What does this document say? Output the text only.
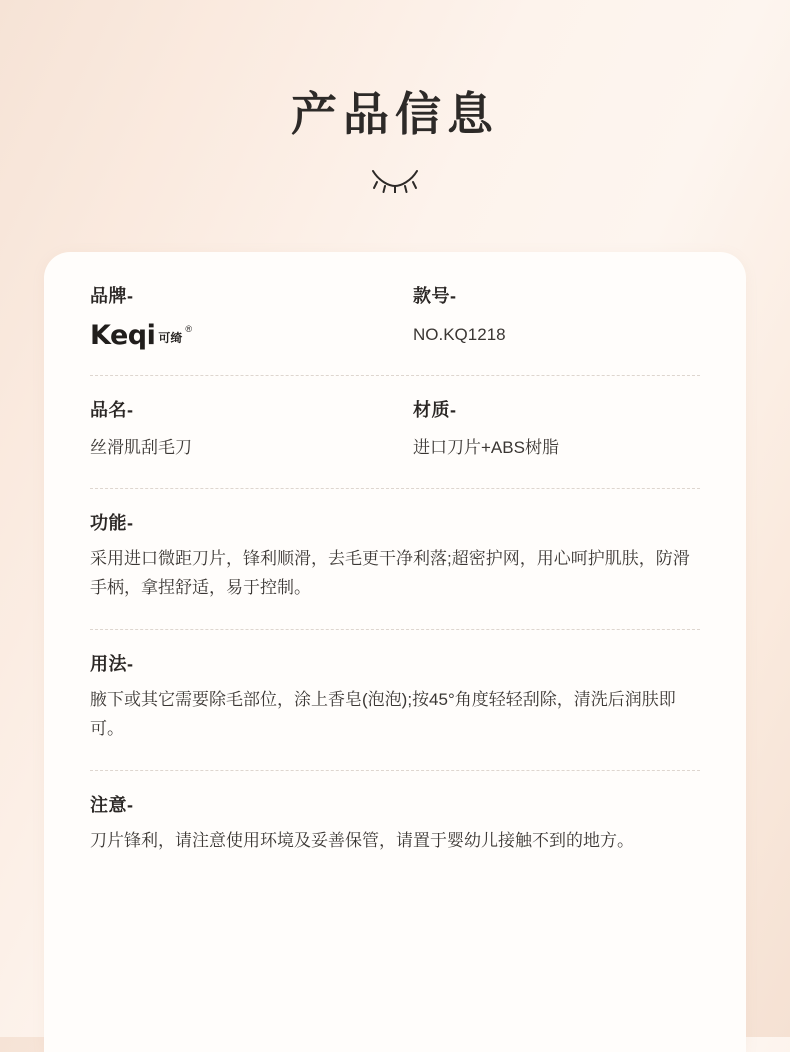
产品信息

品牌-

Keqi 可绮
®

款号-

NO.KQ1218

品名-

丝滑肌刮毛刀

材质-

进口刀片+ABS树脂

功能-

采用进口微距刀片，锋利顺滑，去毛更干净利落;超密护网，用心呵护肌肤，防滑手柄，拿捏舒适，易于控制。

用法-

腋下或其它需要除毛部位，涂上香皂(泡泡);按45°角度轻轻刮除，清洗后润肤即可。

注意-

刀片锋利，请注意使用环境及妥善保管，请置于婴幼儿接触不到的地方。
